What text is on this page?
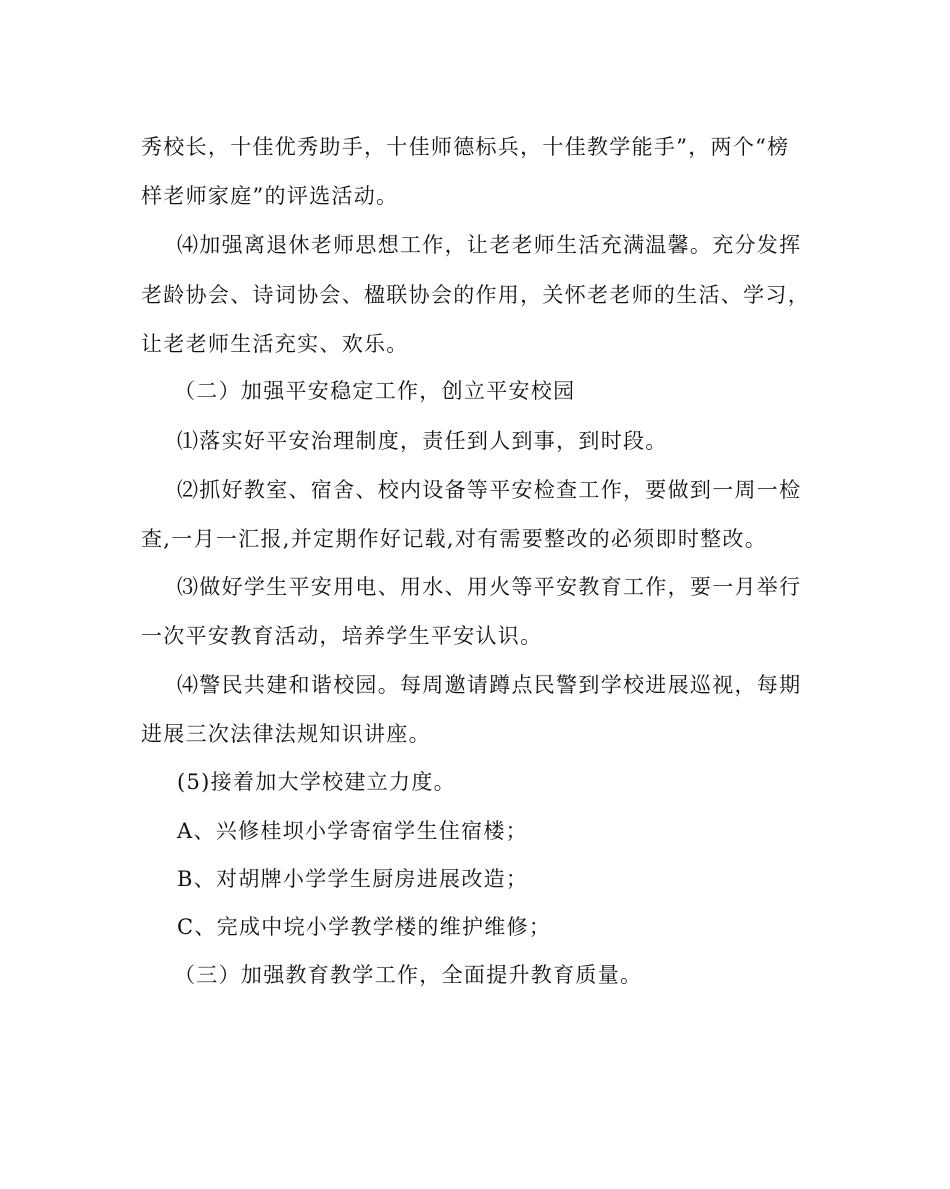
秀校长，十佳优秀助手，十佳师德标兵，十佳教学能手”，两个“榜
样老师家庭”的评选活动。
⑷加强离退休老师思想工作，让老老师生活充满温馨。充分发挥
老龄协会、诗词协会、楹联协会的作用，关怀老老师的生活、学习，
让老老师生活充实、欢乐。
（二）加强平安稳定工作，创立平安校园
⑴落实好平安治理制度，责任到人到事，到时段。
⑵抓好教室、宿舍、校内设备等平安检查工作，要做到一周一检
查,一月一汇报,并定期作好记载,对有需要整改的必须即时整改。
⑶做好学生平安用电、用水、用火等平安教育工作，要一月举行
一次平安教育活动，培养学生平安认识。
⑷警民共建和谐校园。每周邀请蹲点民警到学校进展巡视，每期
进展三次法律法规知识讲座。
(5)接着加大学校建立力度。
A、兴修桂坝小学寄宿学生住宿楼；
B、对胡牌小学学生厨房进展改造；
C、完成中垸小学教学楼的维护维修；
（三）加强教育教学工作，全面提升教育质量。
